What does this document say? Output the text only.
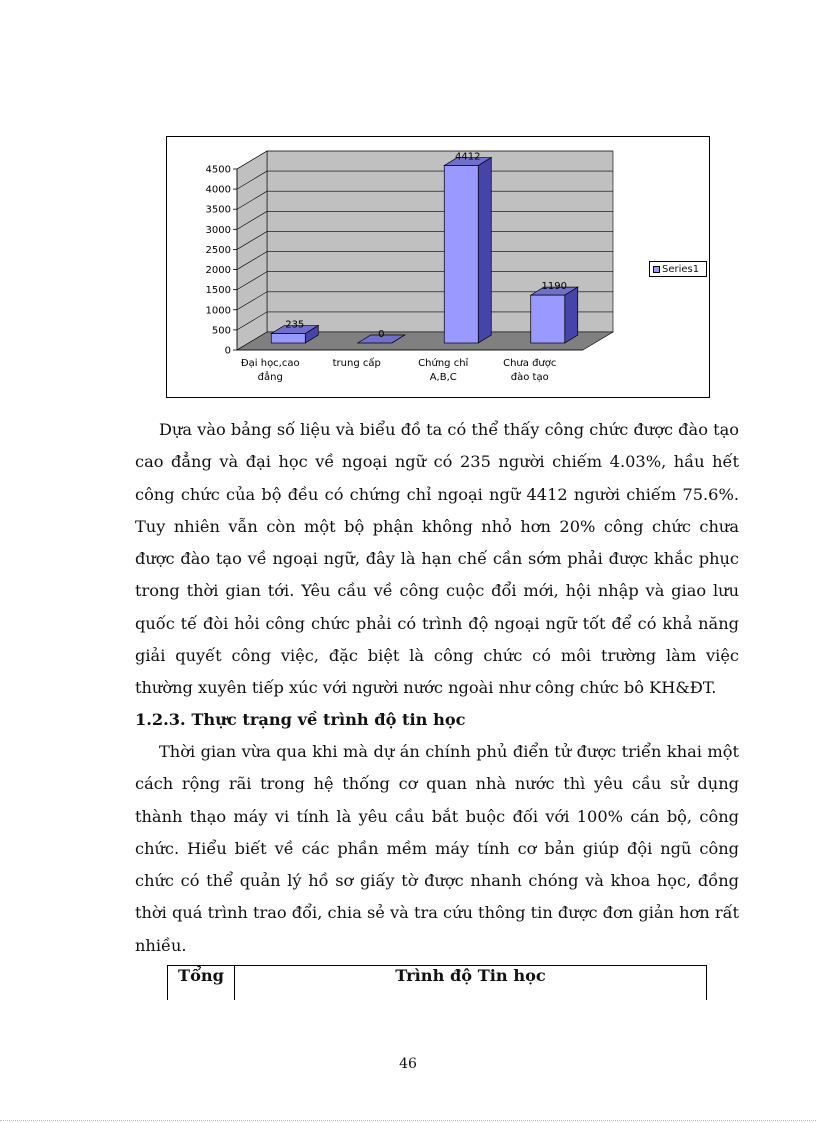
0
500
1000
1500
2000
2500
3000
3500
4000
4500
235
0
4412
1190
Đại học,cao
đẳng
trung cấp	Chứng chỉ
A,B,C
Chưa được
đào tạo
Series1

Dựa vào bảng số liệu và biểu đồ ta có thể thấy công chức được đào tạo cao đẳng và đại học về ngoại ngữ có 235 người chiếm 4.03%, hầu hết công chức của bộ đều có chứng chỉ ngoại ngữ 4412 người chiếm 75.6%. Tuy nhiên vẫn còn một bộ phận không nhỏ hơn 20% công chức chưa được đào tạo về ngoại ngữ, đây là hạn chế cần sớm phải được khắc phục trong thời gian tới. Yêu cầu về công cuộc đổi mới, hội nhập và giao lưu quốc tế đòi hỏi công chức phải có trình độ ngoại ngữ tốt để có khả năng giải quyết công việc, đặc biệt là công chức có môi trường làm việc thường xuyên tiếp xúc với người nước ngoài như công chức bô KH&ĐT.

1.2.3. Thực trạng về trình độ tin học

Thời gian vừa qua khi mà dự án chính phủ điển tử được triển khai một cách rộng rãi trong hệ thống cơ quan nhà nước thì yêu cầu sử dụng thành thạo máy vi tính là yêu cầu bắt buộc đối với 100% cán bộ, công chức. Hiểu biết về các phần mềm máy tính cơ bản giúp đội ngũ công chức có thể quản lý hồ sơ giấy tờ được nhanh chóng và khoa học, đồng thời quá trình trao đổi, chia sẻ và tra cứu thông tin được đơn giản hơn rất nhiều.

Tổng	Trình độ Tin học
46
